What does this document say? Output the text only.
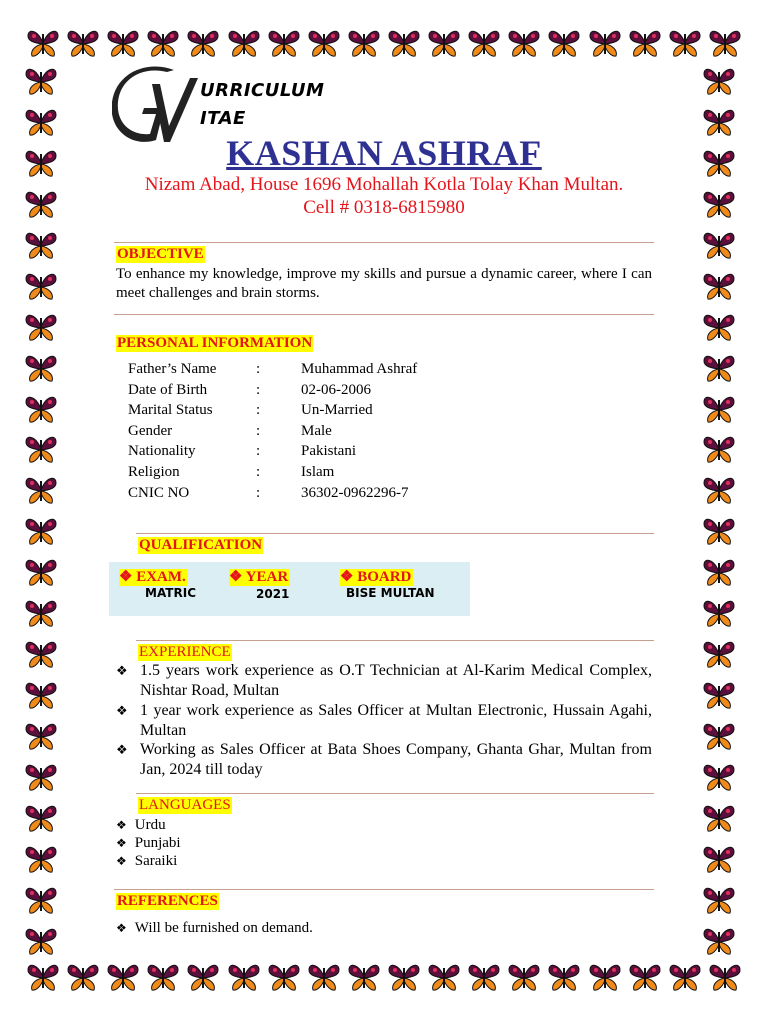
URRICULUM
ITAE
KASHAN ASHRAF
Nizam Abad, House 1696 Mohallah Kotla Tolay Khan Multan.
Cell # 0318-6815980
OBJECTIVE
To enhance my knowledge, improve my skills and pursue a dynamic career, where I can meet challenges and brain storms.
PERSONAL INFORMATION
Father’s Name	:	Muhammad Ashraf
Date of Birth	:	02-06-2006
Marital Status	:	Un-Married
Gender	:	Male
Nationality	:	Pakistani
Religion	:	Islam
CNIC NO	:	36302-0962296-7
QUALIFICATION
❖ EXAM.	❖ YEAR	❖ BOARD
MATRIC	2021	BISE MULTAN
EXPERIENCE
❖ 1.5 years work experience as O.T Technician at Al-Karim Medical Complex, Nishtar Road, Multan
❖ 1 year work experience as Sales Officer at Multan Electronic, Hussain Agahi, Multan
❖ Working as Sales Officer at Bata Shoes Company, Ghanta Ghar, Multan from Jan, 2024 till today
LANGUAGES
❖ Urdu
❖ Punjabi
❖ Saraiki
REFERENCES
❖ Will be furnished on demand.
